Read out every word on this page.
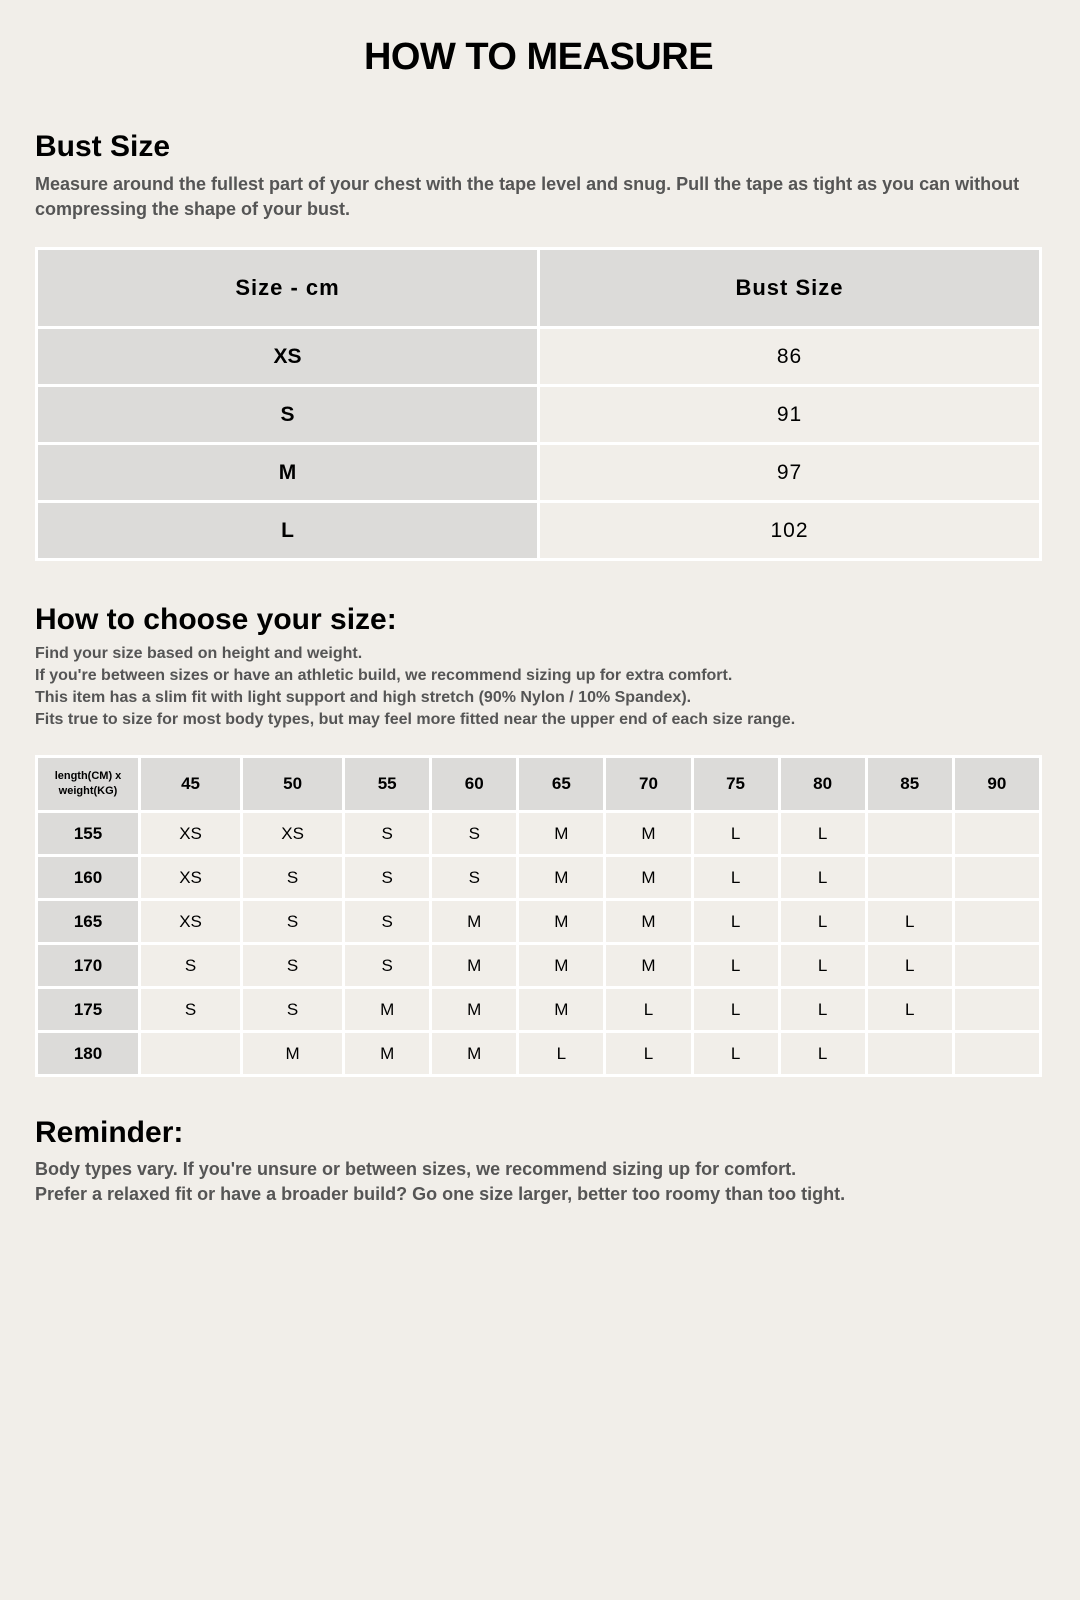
HOW TO MEASURE
Bust Size

Measure around the fullest part of your chest with the tape level and snug. Pull the tape as tight as you can without compressing the shape of your bust.

Size - cm	Bust Size
XS	86
S	91
M	97
L	102
How to choose your size:

Find your size based on height and weight.

If you're between sizes or have an athletic build, we recommend sizing up for extra comfort.

This item has a slim fit with light support and high stretch (90% Nylon / 10% Spandex).

Fits true to size for most body types, but may feel more fitted near the upper end of each size range.

length(CM) x
weight(KG)	45	50	55	60	65	70	75	80	85	90
155	XS	XS	S	S	M	M	L	L		
160	XS	S	S	S	M	M	L	L		
165	XS	S	S	M	M	M	L	L	L	
170	S	S	S	M	M	M	L	L	L	
175	S	S	M	M	M	L	L	L	L	
180		M	M	M	L	L	L	L		
Reminder:

Body types vary. If you're unsure or between sizes, we recommend sizing up for comfort.

Prefer a relaxed fit or have a broader build? Go one size larger, better too roomy than too tight.
